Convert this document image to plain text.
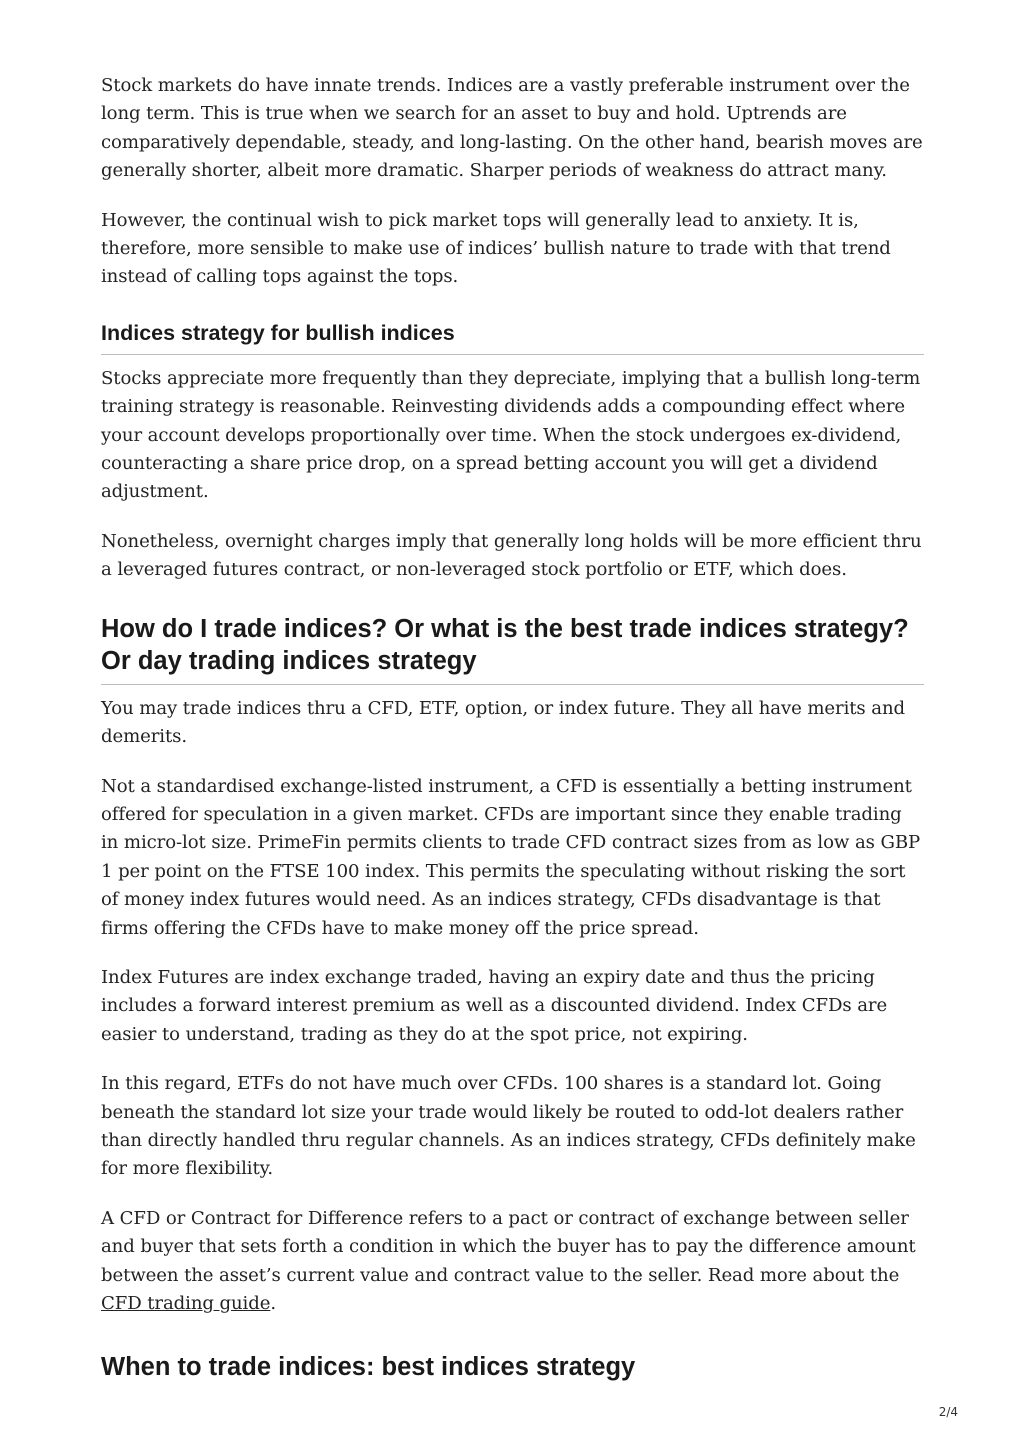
Stock markets do have innate trends. Indices are a vastly preferable instrument over the long term. This is true when we search for an asset to buy and hold. Uptrends are comparatively dependable, steady, and long-lasting. On the other hand, bearish moves are generally shorter, albeit more dramatic. Sharper periods of weakness do attract many.

However, the continual wish to pick market tops will generally lead to anxiety. It is, therefore, more sensible to make use of indices’ bullish nature to trade with that trend instead of calling tops against the tops.

Indices strategy for bullish indices

Stocks appreciate more frequently than they depreciate, implying that a bullish long-term training strategy is reasonable. Reinvesting dividends adds a compounding effect where your account develops proportionally over time. When the stock undergoes ex-dividend, counteracting a share price drop, on a spread betting account you will get a dividend adjustment.

Nonetheless, overnight charges imply that generally long holds will be more efficient thru a leveraged futures contract, or non-leveraged stock portfolio or ETF, which does.

How do I trade indices? Or what is the best trade indices strategy? Or day trading indices strategy

You may trade indices thru a CFD, ETF, option, or index future. They all have merits and demerits.

Not a standardised exchange-listed instrument, a CFD is essentially a betting instrument offered for speculation in a given market. CFDs are important since they enable trading in micro-lot size. PrimeFin permits clients to trade CFD contract sizes from as low as GBP 1 per point on the FTSE 100 index. This permits the speculating without risking the sort of money index futures would need. As an indices strategy, CFDs disadvantage is that firms offering the CFDs have to make money off the price spread.

Index Futures are index exchange traded, having an expiry date and thus the pricing includes a forward interest premium as well as a discounted dividend. Index CFDs are easier to understand, trading as they do at the spot price, not expiring.

In this regard, ETFs do not have much over CFDs. 100 shares is a standard lot. Going beneath the standard lot size your trade would likely be routed to odd-lot dealers rather than directly handled thru regular channels. As an indices strategy, CFDs definitely make for more flexibility.

A CFD or Contract for Difference refers to a pact or contract of exchange between seller and buyer that sets forth a condition in which the buyer has to pay the difference amount between the asset’s current value and contract value to the seller. Read more about the CFD trading guide.

When to trade indices: best indices strategy
2/4
